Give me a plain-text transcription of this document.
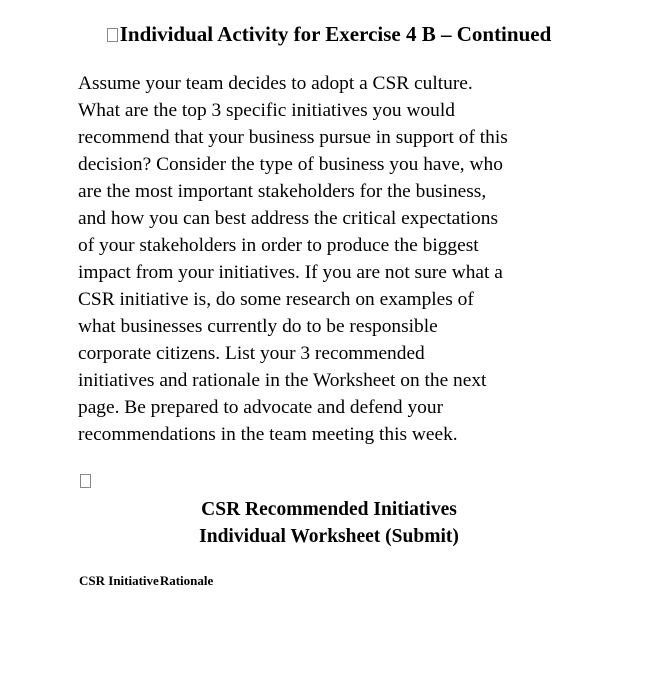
Individual Activity for Exercise 4 B – Continued
Assume your team decides to adopt a CSR culture.
What are the top 3 specific initiatives you would
recommend that your business pursue in support of this
decision? Consider the type of business you have, who
are the most important stakeholders for the business,
and how you can best address the critical expectations
of your stakeholders in order to produce the biggest
impact from your initiatives. If you are not sure what a
CSR initiative is, do some research on examples of
what businesses currently do to be responsible
corporate citizens. List your 3 recommended
initiatives and rationale in the Worksheet on the next
page. Be prepared to advocate and defend your
recommendations in the team meeting this week.
CSR Recommended Initiatives
Individual Worksheet (Submit)
CSR InitiativeRationale
